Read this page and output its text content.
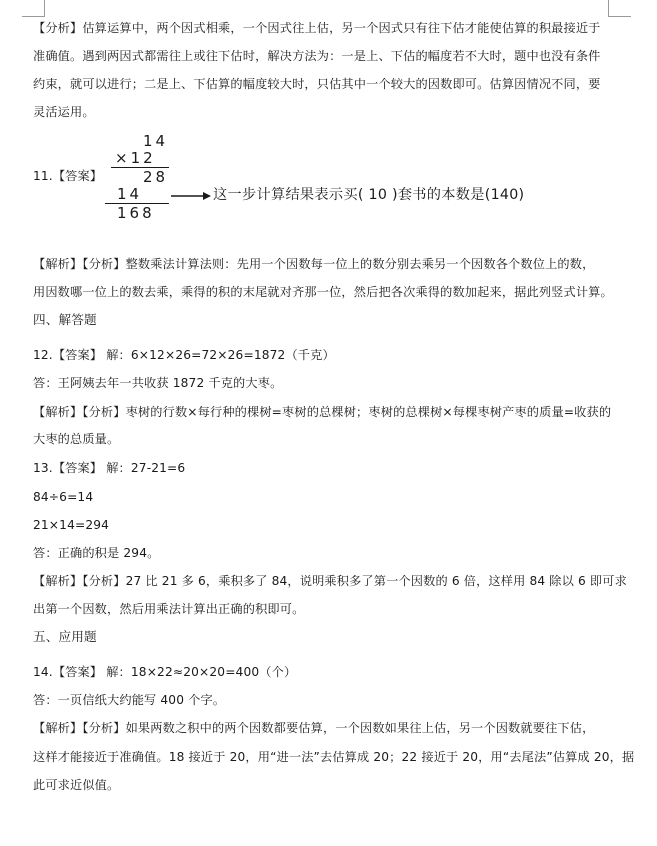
【分析】估算运算中，两个因式相乘，一个因式往上估，另一个因式只有往下估才能使估算的积最接近于
准确值。遇到两因式都需往上或往下估时，解决方法为：一是上、下估的幅度若不大时，题中也没有条件
约束，就可以进行；二是上、下估算的幅度较大时，只估其中一个较大的因数即可。估算因情况不同，要
灵活运用。
11.【答案】
14
×12
28
14
168
这一步计算结果表示买( 10 )套书的本数是(140)
【解析】【分析】整数乘法计算法则：先用一个因数每一位上的数分别去乘另一个因数各个数位上的数，
用因数哪一位上的数去乘，乘得的积的末尾就对齐那一位，然后把各次乘得的数加起来，据此列竖式计算。
四、解答题
12.【答案】 解：6×12×26=72×26=1872（千克）
答：王阿姨去年一共收获 1872 千克的大枣。
【解析】【分析】枣树的行数×每行种的棵树=枣树的总棵树；枣树的总棵树×每棵枣树产枣的质量=收获的
大枣的总质量。
13.【答案】 解：27-21=6
84÷6=14
21×14=294
答：正确的积是 294。
【解析】【分析】27 比 21 多 6，乘积多了 84，说明乘积多了第一个因数的 6 倍，这样用 84 除以 6 即可求
出第一个因数，然后用乘法计算出正确的积即可。
五、应用题
14.【答案】 解：18×22≈20×20=400（个）
答：一页信纸大约能写 400 个字。
【解析】【分析】如果两数之积中的两个因数都要估算，一个因数如果往上估，另一个因数就要往下估，
这样才能接近于准确值。18 接近于 20，用“进一法”去估算成 20；22 接近于 20，用“去尾法”估算成 20，据
此可求近似值。
